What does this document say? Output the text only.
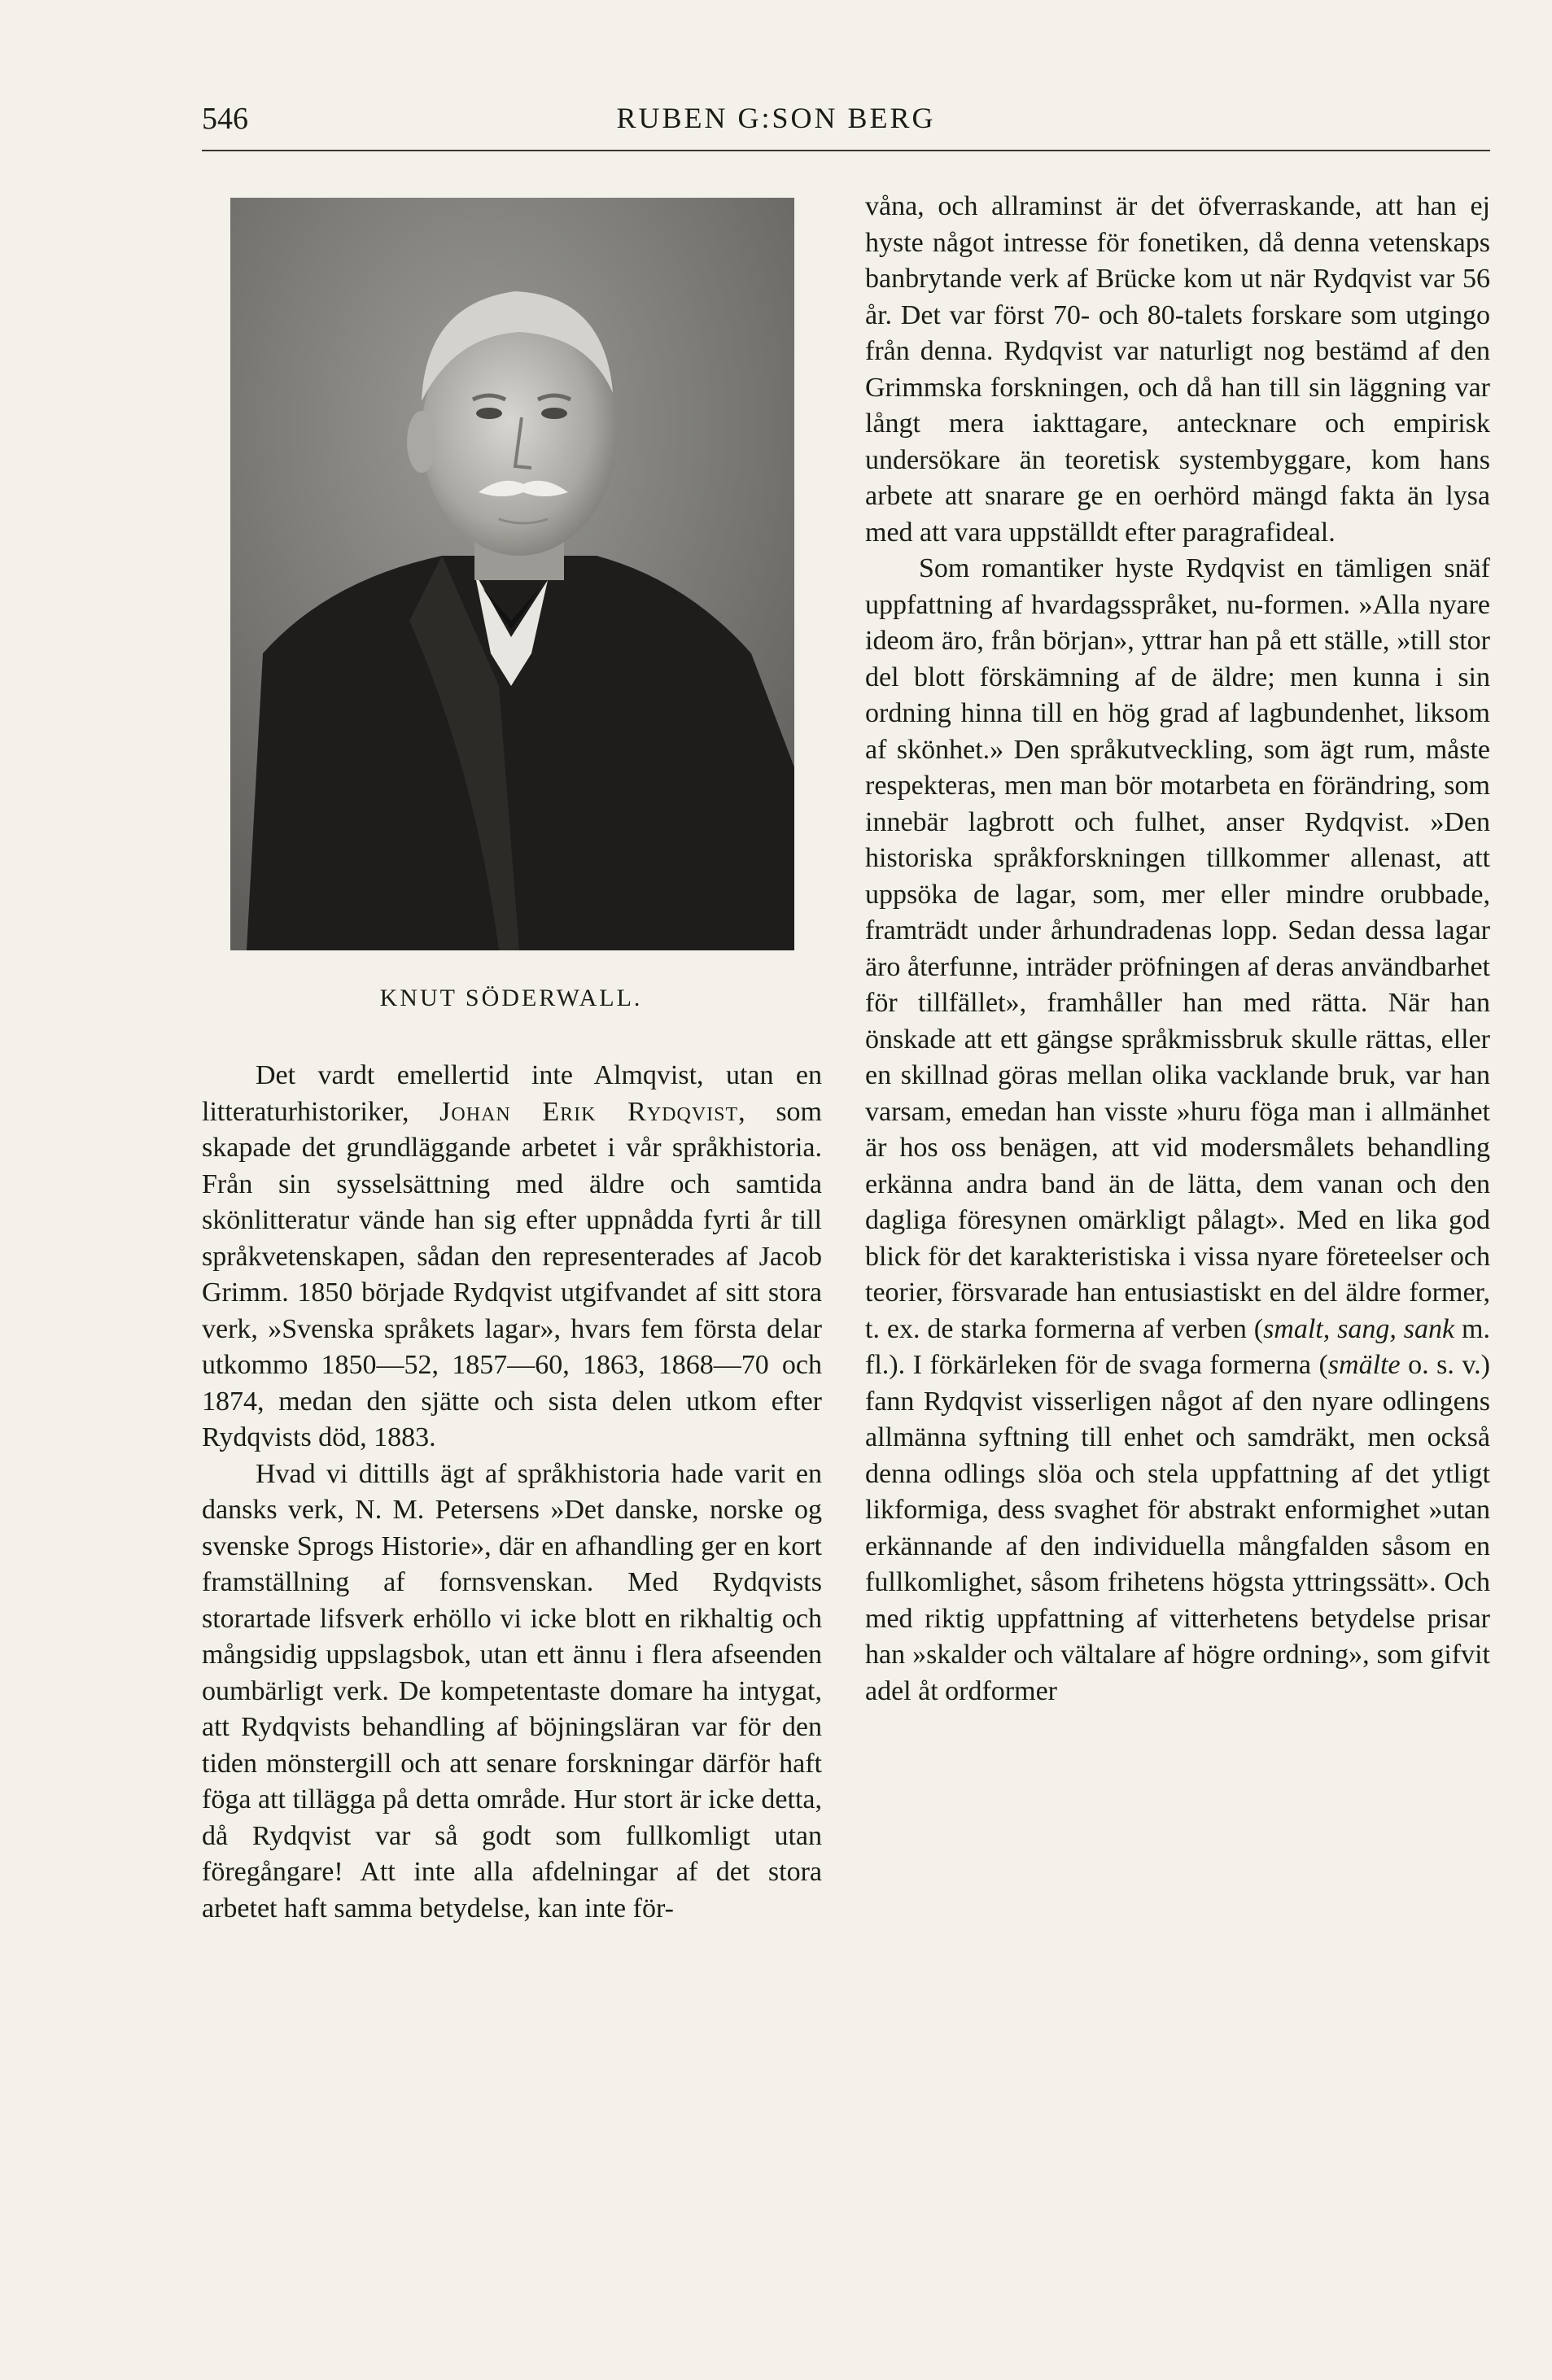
546	RUBEN G:SON BERG
KNUT SÖDERWALL.

Det vardt emellertid inte Almqvist, utan en litteraturhistoriker, Johan Erik Rydqvist, som skapade det grundläggande arbetet i vår språkhistoria. Från sin sysselsättning med äldre och samtida skönlitteratur vände han sig efter uppnådda fyrti år till språkvetenskapen, sådan den representerades af Jacob Grimm. 1850 började Rydqvist utgifvandet af sitt stora verk, »Svenska språkets lagar», hvars fem första delar utkommo 1850—52, 1857—60, 1863, 1868—70 och 1874, medan den sjätte och sista delen utkom efter Rydqvists död, 1883.

Hvad vi dittills ägt af språkhistoria hade varit en dansks verk, N. M. Petersens »Det danske, norske og svenske Sprogs Historie», där en afhandling ger en kort framställning af fornsvenskan. Med Rydqvists storartade lifsverk erhöllo vi icke blott en rikhaltig och mångsidig uppslagsbok, utan ett ännu i flera afseenden oumbärligt verk. De kompetentaste domare ha intygat, att Rydqvists behandling af böjningsläran var för den tiden mönstergill och att senare forskningar därför haft föga att tillägga på detta område. Hur stort är icke detta, då Rydqvist var så godt som fullkomligt utan föregångare! Att inte alla afdelningar af det stora arbetet haft samma betydelse, kan inte för-

våna, och allraminst är det öfverraskande, att han ej hyste något intresse för fonetiken, då denna vetenskaps banbrytande verk af Brücke kom ut när Rydqvist var 56 år. Det var först 70- och 80-talets forskare som utgingo från denna. Rydqvist var naturligt nog bestämd af den Grimmska forskningen, och då han till sin läggning var långt mera iakttagare, antecknare och empirisk undersökare än teoretisk systembyggare, kom hans arbete att snarare ge en oerhörd mängd fakta än lysa med att vara uppställdt efter paragrafideal.

Som romantiker hyste Rydqvist en tämligen snäf uppfattning af hvardagsspråket, nu-formen. »Alla nyare ideom äro, från början», yttrar han på ett ställe, »till stor del blott förskämning af de äldre; men kunna i sin ordning hinna till en hög grad af lagbundenhet, liksom af skönhet.» Den språkutveckling, som ägt rum, måste respekteras, men man bör motarbeta en förändring, som innebär lagbrott och fulhet, anser Rydqvist. »Den historiska språkforskningen tillkommer allenast, att uppsöka de lagar, som, mer eller mindre orubbade, framträdt under århundradenas lopp. Sedan dessa lagar äro återfunne, inträder pröfningen af deras användbarhet för tillfället», framhåller han med rätta. När han önskade att ett gängse språkmissbruk skulle rättas, eller en skillnad göras mellan olika vacklande bruk, var han varsam, emedan han visste »huru föga man i allmänhet är hos oss benägen, att vid modersmålets behandling erkänna andra band än de lätta, dem vanan och den dagliga föresynen omärkligt pålagt». Med en lika god blick för det karakteristiska i vissa nyare företeelser och teorier, försvarade han entusiastiskt en del äldre former, t. ex. de starka formerna af verben (smalt, sang, sank m. fl.). I förkärleken för de svaga formerna (smälte o. s. v.) fann Rydqvist visserligen något af den nyare odlingens allmänna syftning till enhet och samdräkt, men också denna odlings slöa och stela uppfattning af det ytligt likformiga, dess svaghet för abstrakt enformighet »utan erkännande af den individuella mångfalden såsom en fullkomlighet, såsom frihetens högsta yttringssätt». Och med riktig uppfattning af vitterhetens betydelse prisar han »skalder och vältalare af högre ordning», som gifvit adel åt ordformer
